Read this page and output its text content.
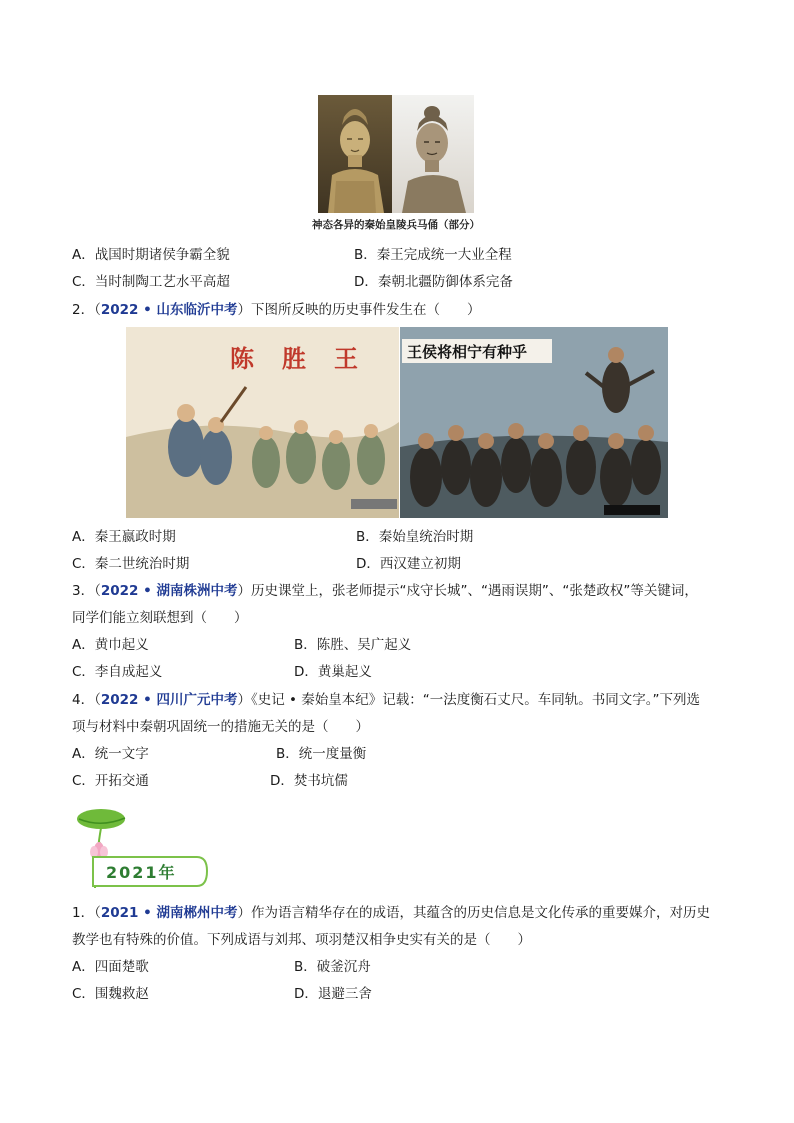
神态各异的秦始皇陵兵马俑（部分）
A．战国时期诸侯争霸全貌	B．秦王完成统一大业全程
C．当时制陶工艺水平高超	D．秦朝北疆防御体系完备
2．（2022 • 山东临沂中考）下图所反映的历史事件发生在（　　）
陈　胜　王	王侯将相宁有种乎
A．秦王嬴政时期	B．秦始皇统治时期
C．秦二世统治时期	D．西汉建立初期
3．（2022 • 湖南株洲中考）历史课堂上，张老师提示“戍守长城”、“遇雨误期”、“张楚政权”等关键词，
同学们能立刻联想到（　　）
A．黄巾起义	B．陈胜、吴广起义
C．李自成起义	D．黄巢起义
4．（2022 • 四川广元中考）《史记 • 秦始皇本纪》记载：“一法度衡石丈尺。车同轨。书同文字。”下列选
项与材料中秦朝巩固统一的措施无关的是（　　）
A．统一文字	B．统一度量衡
C．开拓交通	D．焚书坑儒
2021年
1．（2021 • 湖南郴州中考）作为语言精华存在的成语，其蕴含的历史信息是文化传承的重要媒介，对历史
教学也有特殊的价值。下列成语与刘邦、项羽楚汉相争史实有关的是（　　）
A．四面楚歌	B．破釜沉舟
C．围魏救赵	D．退避三舍
